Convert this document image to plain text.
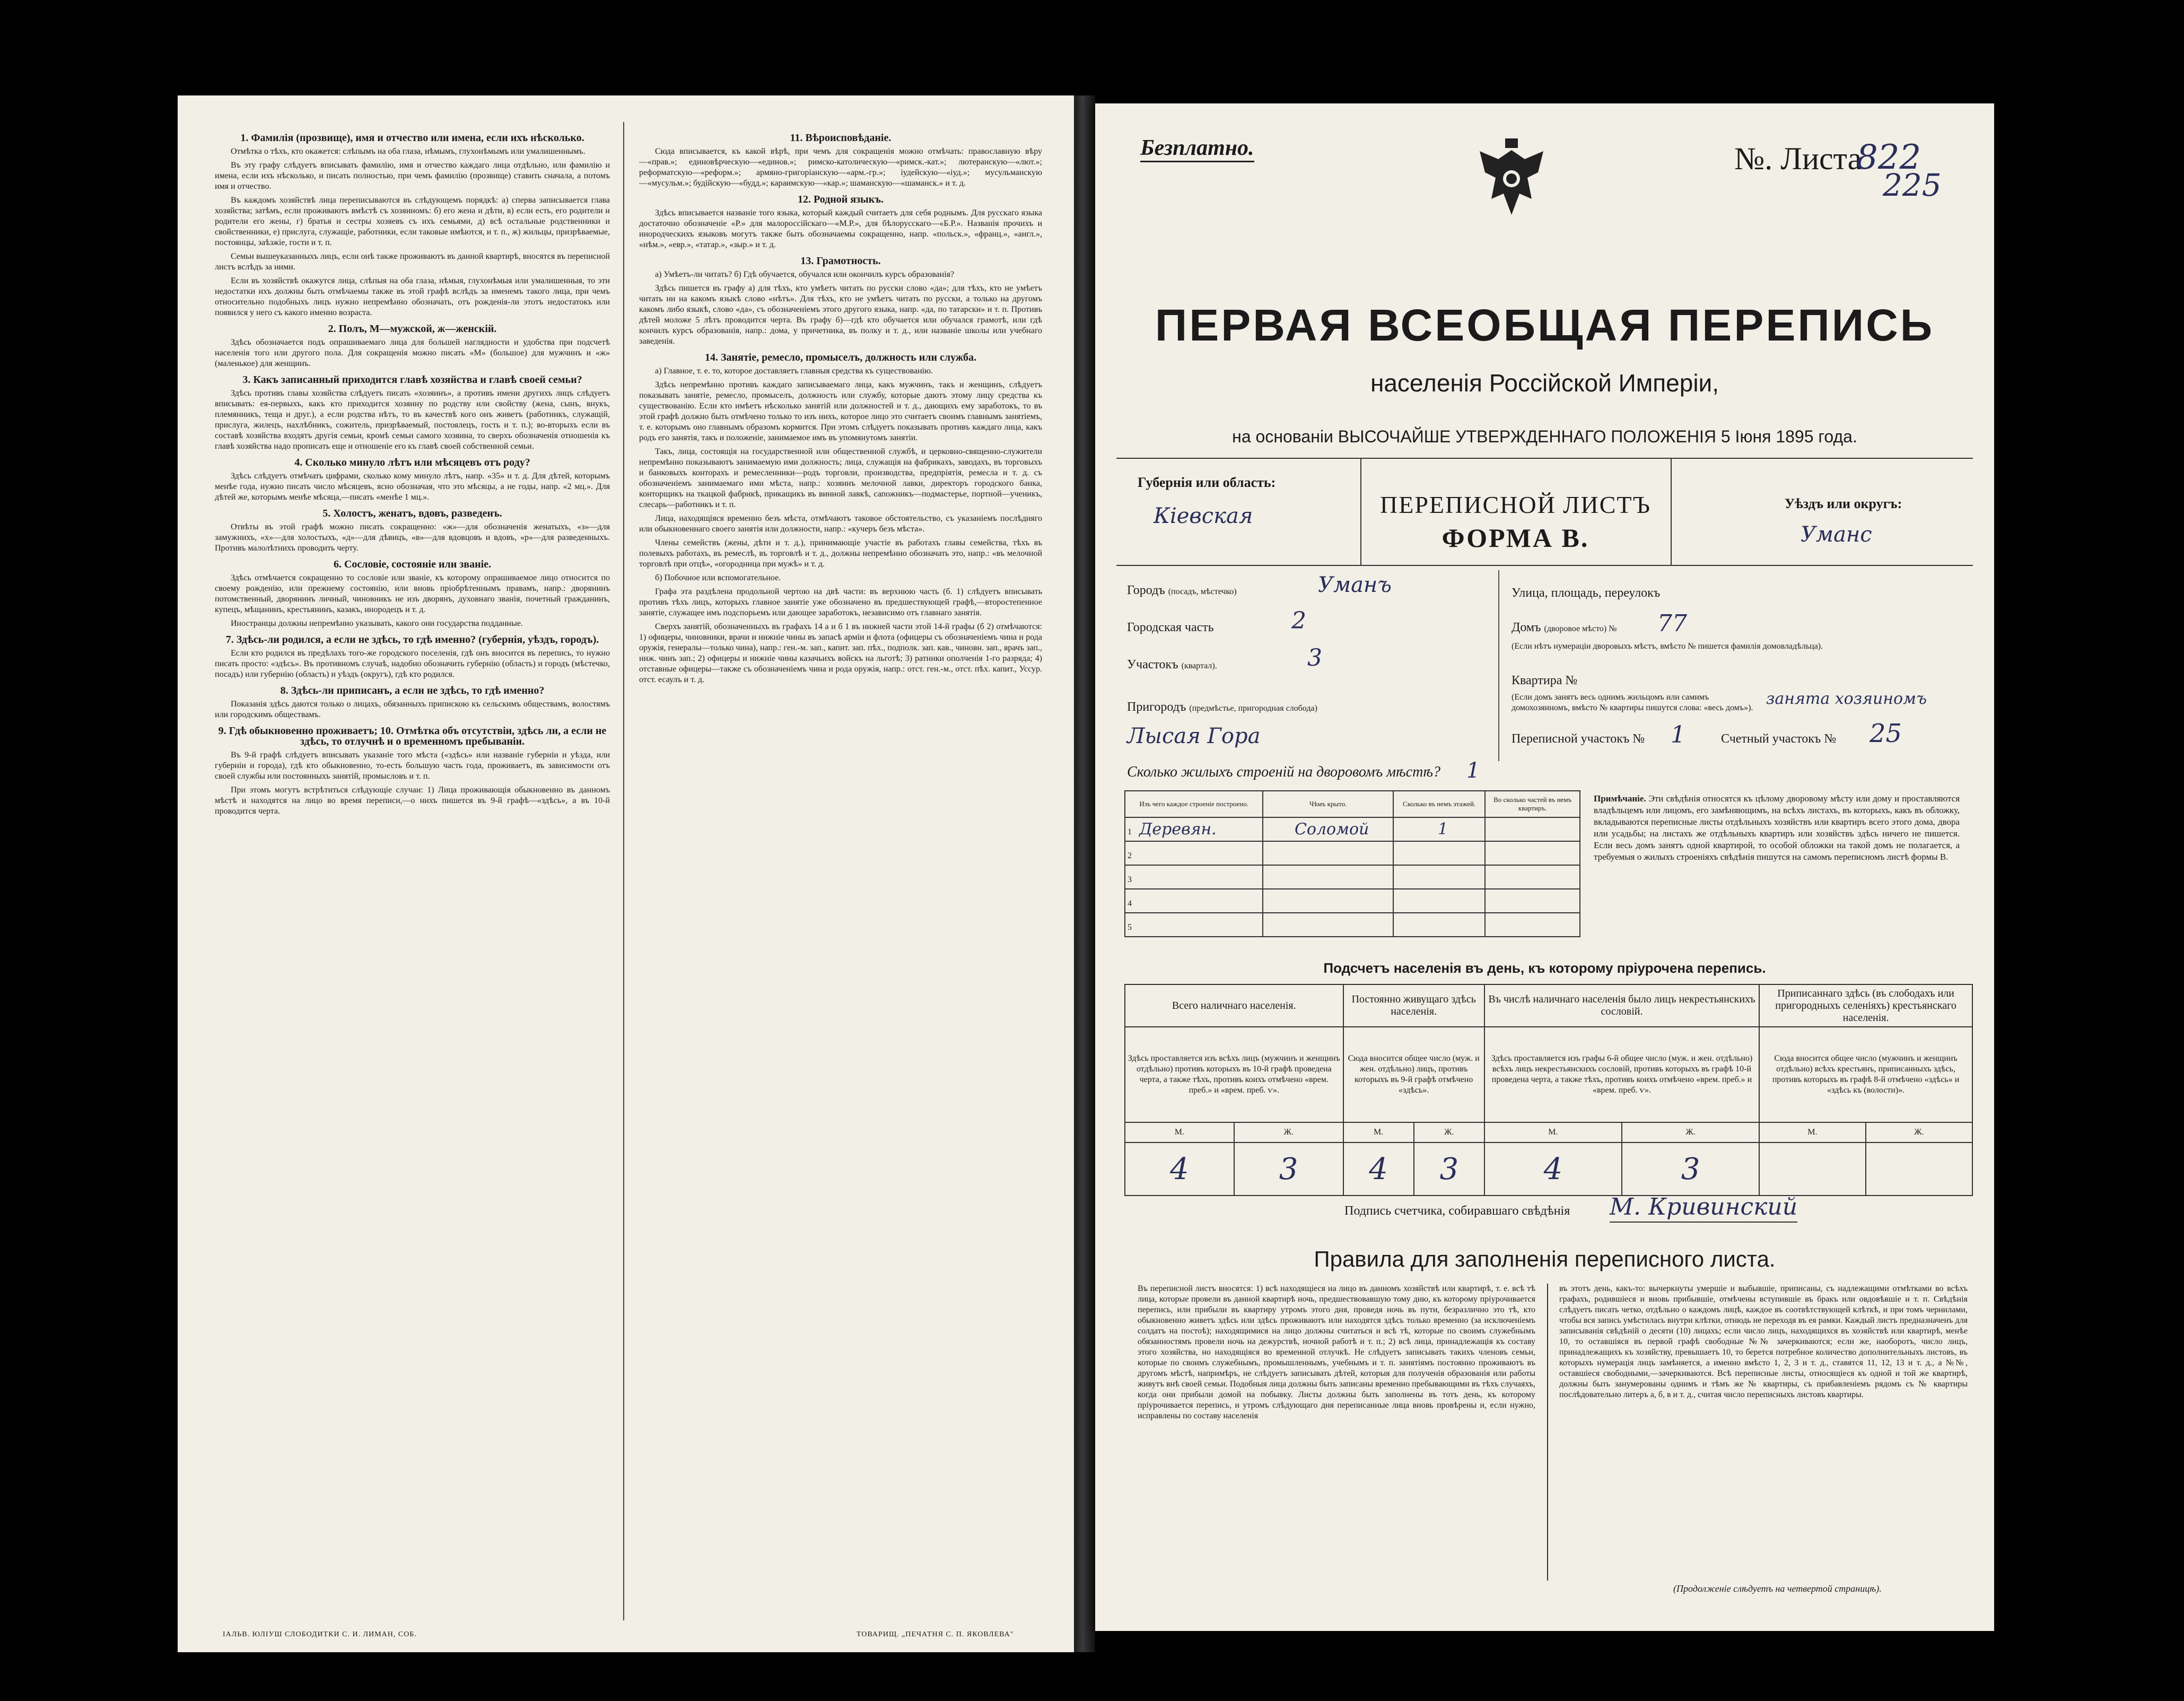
1. Фамилія (прозвище), имя и отчество или имена, если ихъ нѣсколько.

Отмѣтка о тѣхъ, кто окажется: слѣпымъ на оба глаза, нѣмымъ, глухонѣмымъ или умалишеннымъ.

Въ эту графу слѣдуетъ вписывать фамилію, имя и отчество каждаго лица отдѣльно, или фамилію и имена, если ихъ нѣсколько, и писать полностью, при чемъ фамилію (прозвище) ставить сначала, а потомъ имя и отчество.

Въ каждомъ хозяйствѣ лица переписываются въ слѣдующемъ порядкѣ: а) сперва записывается глава хозяйства; затѣмъ, если проживаютъ вмѣстѣ съ хозяиномъ: б) его жена и дѣти, в) если есть, его родители и родители его жены, г) братья и сестры хозяевъ съ ихъ семьями, д) всѣ остальные родственники и свойственники, е) прислуга, служащіе, работники, если таковые имѣются, и т. п., ж) жильцы, призрѣваемые, постоянцы, заѣзжіе, гости и т. п.

Семьи вышеуказанныхъ лицъ, если онѣ также проживаютъ въ данной квартирѣ, вносятся въ переписной листъ вслѣдъ за ними.

Если въ хозяйствѣ окажутся лица, слѣпыя на оба глаза, нѣмыя, глухонѣмыя или умалишенныя, то эти недостатки ихъ должны быть отмѣчаемы также въ этой графѣ вслѣдъ за именемъ такого лица, при чемъ относительно подобныхъ лицъ нужно непремѣнно обозначать, отъ рожденія-ли этотъ недостатокъ или появился у него съ какого именно возраста.

2. Полъ, М—мужской, ж—женскій.

Здѣсь обозначается подъ опрашиваемаго лица для большей наглядности и удобства при подсчетѣ населенія того или другого пола. Для сокращенія можно писать «М» (большое) для мужчинъ и «ж» (маленькое) для женщинъ.

3. Какъ записанный приходится главѣ хозяйства и главѣ своей семьи?

Здѣсь противъ главы хозяйства слѣдуетъ писать «хозяинъ», а противъ имени другихъ лицъ слѣдуетъ вписывать: ея-первыхъ, какъ кто приходится хозяину по родству или свойству (жена, сынъ, внукъ, племянникъ, теща и друг.), а если родства нѣтъ, то въ качествѣ кого онъ живетъ (работникъ, служащій, прислуга, жилецъ, нахлѣбникъ, сожитель, призрѣваемый, постоялецъ, гость и т. п.); во-вторыхъ если въ составѣ хозяйства входятъ другія семьи, кромѣ семьи самого хозяина, то сверхъ обозначенія отношенія къ главѣ хозяйства надо прописать еще и отношеніе его къ главѣ своей собственной семьи.

4. Сколько минуло лѣтъ или мѣсяцевъ отъ роду?

Здѣсь слѣдуетъ отмѣчать цифрами, сколько кому минуло лѣтъ, напр. «35» и т. д. Для дѣтей, которымъ менѣе года, нужно писать число мѣсяцевъ, ясно обозначая, что это мѣсяцы, а не годы, напр. «2 мц.». Для дѣтей же, которымъ менѣе мѣсяца,—писать «менѣе 1 мц.».

5. Холостъ, женатъ, вдовъ, разведенъ.

Отвѣты въ этой графѣ можно писать сокращенно: «ж»—для обозначенія женатыхъ, «з»—для замужнихъ, «х»—для холостыхъ, «д»—для дѣвицъ, «в»—для вдовцовъ и вдовъ, «р»—для разведенныхъ. Противъ малолѣтнихъ проводить черту.

6. Сословіе, состояніе или званіе.

Здѣсь отмѣчается сокращенно то сословіе или званіе, къ которому опрашиваемое лицо относится по своему рожденію, или прежнему состоянію, или вновь пріобрѣтеннымъ правамъ, напр.: дворянинъ потомственный, дворянинъ личный, чиновникъ не изъ дворянъ, духовнаго званія, почетный гражданинъ, купецъ, мѣщанинъ, крестьянинъ, казакъ, инородецъ и т. д.

Иностранцы должны непремѣнно указывать, какого они государства подданные.

7. Здѣсь-ли родился, а если не здѣсь, то гдѣ именно? (губернія, уѣздъ, городъ).

Если кто родился въ предѣлахъ того-же городского поселенія, гдѣ онъ вносится въ перепись, то нужно писать просто: «здѣсь». Въ противномъ случаѣ, надобно обозначить губернію (область) и городъ (мѣстечко, посадъ) или губернію (область) и уѣздъ (округъ), гдѣ кто родился.

8. Здѣсь-ли приписанъ, а если не здѣсь, то гдѣ именно?

Показанія здѣсь даются только о лицахъ, обязанныхъ припискою къ сельскимъ обществамъ, волостямъ или городскимъ обществамъ.

9. Гдѣ обыкновенно проживаетъ; 10. Отмѣтка объ отсутствіи, здѣсь ли, а если не здѣсь, то отлучнѣ и о временномъ пребываніи.

Въ 9-й графѣ слѣдуетъ вписывать указаніе того мѣста («здѣсь» или названіе губерніи и уѣзда, или губерніи и города), гдѣ кто обыкновенно, то-есть большую часть года, проживаетъ, въ зависимости отъ своей службы или постоянныхъ занятій, промысловъ и т. п.

При этомъ могутъ встрѣтиться слѣдующіе случаи: 1) Лица проживающія обыкновенно въ данномъ мѣстѣ и находятся на лицо во время переписи,—о нихъ пишется въ 9-й графѣ—«здѣсь», а въ 10-й проводится черта.

11. Вѣроисповѣданіе.

Сюда вписывается, къ какой вѣрѣ, при чемъ для сокращенія можно отмѣчать: православную вѣру—«прав.»; единовѣрческую—«единов.»; римско-католическую—«римск.-кат.»; лютеранскую—«лют.»; реформатскую—«реформ.»; армяно-григоріанскую—«арм.-гр.»; іудейскую—«іуд.»; мусульманскую—«мусульм.»; будійскую—«будд.»; караимскую—«кар.»; шаманскую—«шаманск.» и т. д.

12. Родной языкъ.

Здѣсь вписывается названіе того языка, который каждый считаетъ для себя роднымъ. Для русскаго языка достаточно обозначеніе «Р.» для малороссійскаго—«М.Р.», для бѣлорусскаго—«Б.Р.». Названія прочихъ и инородческихъ языковъ могутъ также быть обозначаемы сокращенно, напр. «польск.», «франц.», «англ.», «нѣм.», «евр.», «татар.», «зыр.» и т. д.

13. Грамотность.

а) Умѣетъ-ли читать? б) Гдѣ обучается, обучался или окончилъ курсъ образованія?

Здѣсь пишется въ графу а) для тѣхъ, кто умѣетъ читать по русски слово «да»; для тѣхъ, кто не умѣетъ читать ни на какомъ языкѣ слово «нѣтъ». Для тѣхъ, кто не умѣетъ читать по русски, а только на другомъ какомъ либо языкѣ, слово «да», съ обозначеніемъ этого другого языка, напр. «да, по татарски» и т. п. Противъ дѣтей моложе 5 лѣтъ проводится черта. Въ графу б)—гдѣ кто обучается или обучался грамотѣ, или гдѣ кончилъ курсъ образованія, напр.: дома, у причетника, въ полку и т. д., или названіе школы или учебнаго заведенія.

14. Занятіе, ремесло, промыселъ, должность или служба.

а) Главное, т. е. то, которое доставляетъ главныя средства къ существованію.

Здѣсь непремѣнно противъ каждаго записываемаго лица, какъ мужчинъ, такъ и женщинъ, слѣдуетъ показывать занятіе, ремесло, промыселъ, должность или службу, которые даютъ этому лицу средства къ существованію. Если кто имѣетъ нѣсколько занятій или должностей и т. д., дающихъ ему заработокъ, то въ этой графѣ должно быть отмѣчено только то изъ нихъ, которое лицо это считаетъ своимъ главнымъ занятіемъ, т. е. которымъ оно главнымъ образомъ кормится. При этомъ слѣдуетъ показывать противъ каждаго лица, какъ родъ его занятія, такъ и положеніе, занимаемое имъ въ упомянутомъ занятіи.

Такъ, лица, состоящія на государственной или общественной службѣ, и церковно-священно-служители непремѣнно показываютъ занимаемую ими должность; лица, служащія на фабрикахъ, заводахъ, въ торговыхъ и банковыхъ конторахъ и ремесленники—родъ торговли, производства, предпріятія, ремесла и т. д. съ обозначеніемъ занимаемаго ими мѣста, напр.: хозяинъ мелочной лавки, директоръ городского банка, конторщикъ на ткацкой фабрикѣ, прикащикъ въ винной лавкѣ, сапожникъ—подмастерье, портной—ученикъ, слесарь—работникъ и т. п.

Лица, находящіяся временно безъ мѣста, отмѣчаютъ таковое обстоятельство, съ указаніемъ послѣдняго или обыкновеннаго своего занятія или должности, напр.: «кучеръ безъ мѣста».

Члены семействъ (жены, дѣти и т. д.), принимающіе участіе въ работахъ главы семейства, тѣхъ въ полевыхъ работахъ, въ ремеслѣ, въ торговлѣ и т. д., должны непремѣнно обозначать это, напр.: «въ мелочной торговлѣ при отцѣ», «огородница при мужѣ» и т. д.

б) Побочное или вспомогательное.

Графа эта раздѣлена продольной чертою на двѣ части: въ верхнюю часть (б. 1) слѣдуетъ вписывать противъ тѣхъ лицъ, которыхъ главное занятіе уже обозначено въ предшествующей графѣ,—второстепенное занятіе, служащее имъ подспорьемъ или дающее заработокъ, независимо отъ главнаго занятія.

Сверхъ занятій, обозначенныхъ въ графахъ 14 а и б 1 въ нижней части этой 14-й графы (б 2) отмѣчаются: 1) офицеры, чиновники, врачи и нижніе чины въ запасѣ арміи и флота (офицеры съ обозначеніемъ чина и рода оружія, генералы—только чина), напр.: ген.-м. зап., капит. зап. пѣх., подполк. зап. кав., чиновн. зап., врачъ зап., ниж. чинъ зап.; 2) офицеры и нижніе чины казачьихъ войскъ на льготѣ; 3) ратники ополченія 1-го разряда; 4) отставные офицеры—также съ обозначеніемъ чина и рода оружія, напр.: отст. ген.-м., отст. пѣх. капит., Уссур. отст. есаулъ и т. д.

ІАЛЬВ. ЮЛІУШ СЛОБОДИТКИ С. И. ЛИМАН, СОБ.	ТОВАРИЩ. „ПЕЧАТНЯ С. П. ЯКОВЛЕВА"
Безплатно.	№. Листа
822
225
ПЕРВАЯ ВСЕОБЩАЯ ПЕРЕПИСЬ
населенія Россійской Имперіи,
на основаніи ВЫСОЧАЙШЕ УТВЕРЖДЕННАГО ПОЛОЖЕНІЯ 5 Іюня 1895 года.
Губернія или область:
Кiевская	ПЕРЕПИСНОЙ ЛИСТЪ
ФОРМА В.
Уѣздъ или округъ:
Уманс
Городъ (посадъ, мѣстечко)	Уманъ
Городская часть	2
Участокъ (квартал).	3
Пригородъ (предмѣстье, пригородная слобода)
Лысая Гора
Улица, площадь, переулокъ
Домъ (дворовое мѣсто) № 77
(Если нѣтъ нумераціи дворовыхъ мѣстъ, вмѣсто № пишется фамилія домовладѣльца).
Квартира №
(Если домъ занятъ весь однимъ жильцомъ или самимъ домохозяиномъ, вмѣсто № квартиры пишутся слова: «весь домъ»). занята хозяиномъ
Переписной участокъ № 1	Счетный участокъ № 25
Сколько жилыхъ строеній на дворовомъ мѣстѣ? 1
Изъ чего каждое строеніе построено.	Чѣмъ крыто.	Сколько въ немъ этажей.	Во сколько частей въ немъ квартиръ.
1 Деревян.	Соломой	1	
2			
3			
4			
5			
Примѣчаніе. Эти свѣдѣнія относятся къ цѣлому дворовому мѣсту или дому и проставляются владѣльцемъ или лицомъ, его замѣняющимъ, на всѣхъ листахъ, въ которыхъ, какъ въ обложку, вкладываются переписные листы отдѣльныхъ хозяйствъ или квартиръ всего этого дома, двора или усадьбы; на листахъ же отдѣльныхъ квартиръ или хозяйствъ здѣсь ничего не пишется. Если весь домъ занятъ одной квартирой, то особой обложки на такой домъ не полагается, а требуемыя о жилыхъ строеніяхъ свѣдѣнія пишутся на самомъ переписномъ листѣ формы В.
Подсчетъ населенія въ день, къ которому пріурочена перепись.
Всего наличнаго населенія.		Постоянно живущаго здѣсь населенія.		Въ числѣ наличнаго населенія было лицъ некрестьянскихъ сословій.		Приписаннаго здѣсь (въ слободахъ или пригородныхъ селеніяхъ) крестьянскаго населенія.	
Здѣсь проставляется изъ всѣхъ лицъ (мужчинъ и женщинъ отдѣльно) противъ которыхъ въ 10-й графѣ проведена черта, а также тѣхъ, противъ коихъ отмѣчено «врем. преб.» и «врем. преб. ѵ».		Сюда вносится общее число (муж. и жен. отдѣльно) лицъ, противъ которыхъ въ 9-й графѣ отмѣчено «здѣсь».		Здѣсь проставляется изъ графы 6-й общее число (муж. и жен. отдѣльно) всѣхъ лицъ некрестьянскихъ сословій, противъ которыхъ въ графѣ 10-й проведена черта, а также тѣхъ, противъ коихъ отмѣчено «врем. преб.» и «врем. преб. ѵ».		Сюда вносится общее число (мужчинъ и женщинъ отдѣльно) всѣхъ крестьянъ, приписанныхъ здѣсь, противъ которыхъ въ графѣ 8-й отмѣчено «здѣсь» и «здѣсь къ (волости)».	
М.	Ж.	М.	Ж.	М.	Ж.	М.	Ж.
4	3	4	3	4	3		
Подпись счетчика, собиравшаго свѣдѣнія М. Кривинский
Правила для заполненія переписного листа.
Въ переписной листъ вносятся: 1) всѣ находящіеся на лицо въ данномъ хозяйствѣ или квартирѣ, т. е. всѣ тѣ лица, которые провели въ данной квартирѣ ночь, предшествовавшую тому дню, къ которому пріурочивается перепись, или прибыли въ квартиру утромъ этого дня, проведя ночь въ пути, безразлично это тѣ, кто обыкновенно живетъ здѣсь или здѣсь проживаютъ или находятся здѣсь только временно (за исключеніемъ солдатъ на постоѣ); находящимися на лицо должны считаться и всѣ тѣ, которые по своимъ служебнымъ обязанностямъ провели ночь на дежурствѣ, ночной работѣ и т. п.; 2) всѣ лица, принадлежащія къ составу этого хозяйства, но находящіяся во временной отлучкѣ. Не слѣдуетъ записывать такихъ членовъ семьи, которые по своимъ служебнымъ, промышленнымъ, учебнымъ и т. п. занятіямъ постоянно проживаютъ въ другомъ мѣстѣ, напримѣръ, не слѣдуетъ записывать дѣтей, которыя для полученія образованія или работы живутъ внѣ своей семьи. Подобныя лица должны быть записаны временно пребывающими въ тѣхъ случаяхъ, когда они прибыли домой на побывку. Листы должны быть заполнены въ тотъ день, къ которому пріурочивается перепись, и утромъ слѣдующаго дня переписанные лица вновь провѣрены и, если нужно, исправлены по составу населенія
въ этотъ день, какъ-то: вычеркнуты умершіе и выбывшіе, приписаны, съ надлежащими отмѣтками во всѣхъ графахъ, родившіеся и вновь прибывшіе, отмѣчены вступившіе въ бракъ или овдовѣвшіе и т. п. Свѣдѣнія слѣдуетъ писать четко, отдѣльно о каждомъ лицѣ, каждое въ соотвѣтствующей клѣткѣ, и при томъ чернилами, чтобы вся запись умѣстилась внутри клѣтки, отнюдь не переходя въ ея рамки. Каждый листъ предназначенъ для записыванія свѣдѣній о десяти (10) лицахъ; если число лицъ, находящихся въ хозяйствѣ или квартирѣ, менѣе 10, то оставшіяся въ первой графѣ свободные №№ зачеркиваются; если же, наоборотъ, число лицъ, принадлежащихъ къ хозяйству, превышаетъ 10, то берется потребное количество дополнительныхъ листовъ, въ которыхъ нумерація лицъ замѣняется, а именно вмѣсто 1, 2, 3 и т. д., ставятся 11, 12, 13 и т. д., а №№, оставшіеся свободными,—зачеркиваются. Всѣ переписные листы, относящіеся къ одной и той же квартирѣ, должны быть занумерованы однимъ и тѣмъ же № квартиры, съ прибавленіемъ рядомъ съ № квартиры послѣдовательно литеръ а, б, в и т. д., считая число переписныхъ листовъ квартиры.
(Продолженіе слѣдуетъ на четвертой страницѣ).
